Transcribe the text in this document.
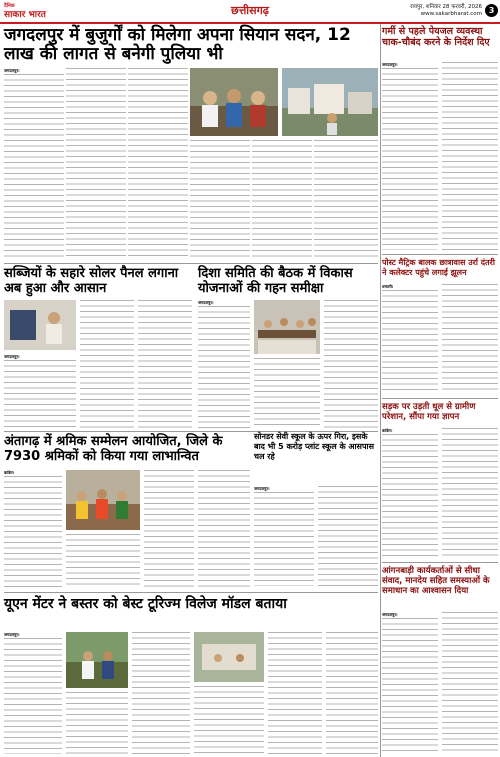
दैनिक
साकार भारत	छत्तीसगढ़	रायपुर, शनिवार 28 फरवरी, 2026
www.sakarbharat.com 3
जगदलपुर में बुजुर्गों को मिलेगा अपना सियान सदन, 12 लाख की लागत से बनेगी पुलिया भी
जगदलपुर।
सब्जियों के सहारे सोलर पैनल लगाना अब हुआ और आसान
जगदलपुर।
दिशा समिति की बैठक में विकास योजनाओं की गहन समीक्षा
जगदलपुर।
सोनडर सेवी स्कूल के ऊपर गिरा, इसके बाद भी 5 करोड़ प्लांट स्कूल के आसपास चल रहे
जगदलपुर।
अंतागढ़ में श्रमिक सम्मेलन आयोजित, जिले के 7930 श्रमिकों को किया गया लाभान्वित
कांकेर।
यूएन मेंटर ने बस्तर को बेस्ट टूरिज्म विलेज मॉडल बताया
जगदलपुर।
गर्मी से पहले पेयजल व्यवस्था चाक-चौबंद करने के निर्देश दिए
जगदलपुर।
पोस्ट मैट्रिक बालक छात्रावास उर्रा दंतरी ने कलेक्टर पहुंचे लगाई झूलन
धमतरी।
सड़क पर उड़ती धूल से ग्रामीण परेशान, सौंपा गया ज्ञापन
कांकेर।
आंगनबाड़ी कार्यकर्ताओं से सीधा संवाद, मानदेय सहित समस्याओं के समाधान का आश्वासन दिया
जगदलपुर।
